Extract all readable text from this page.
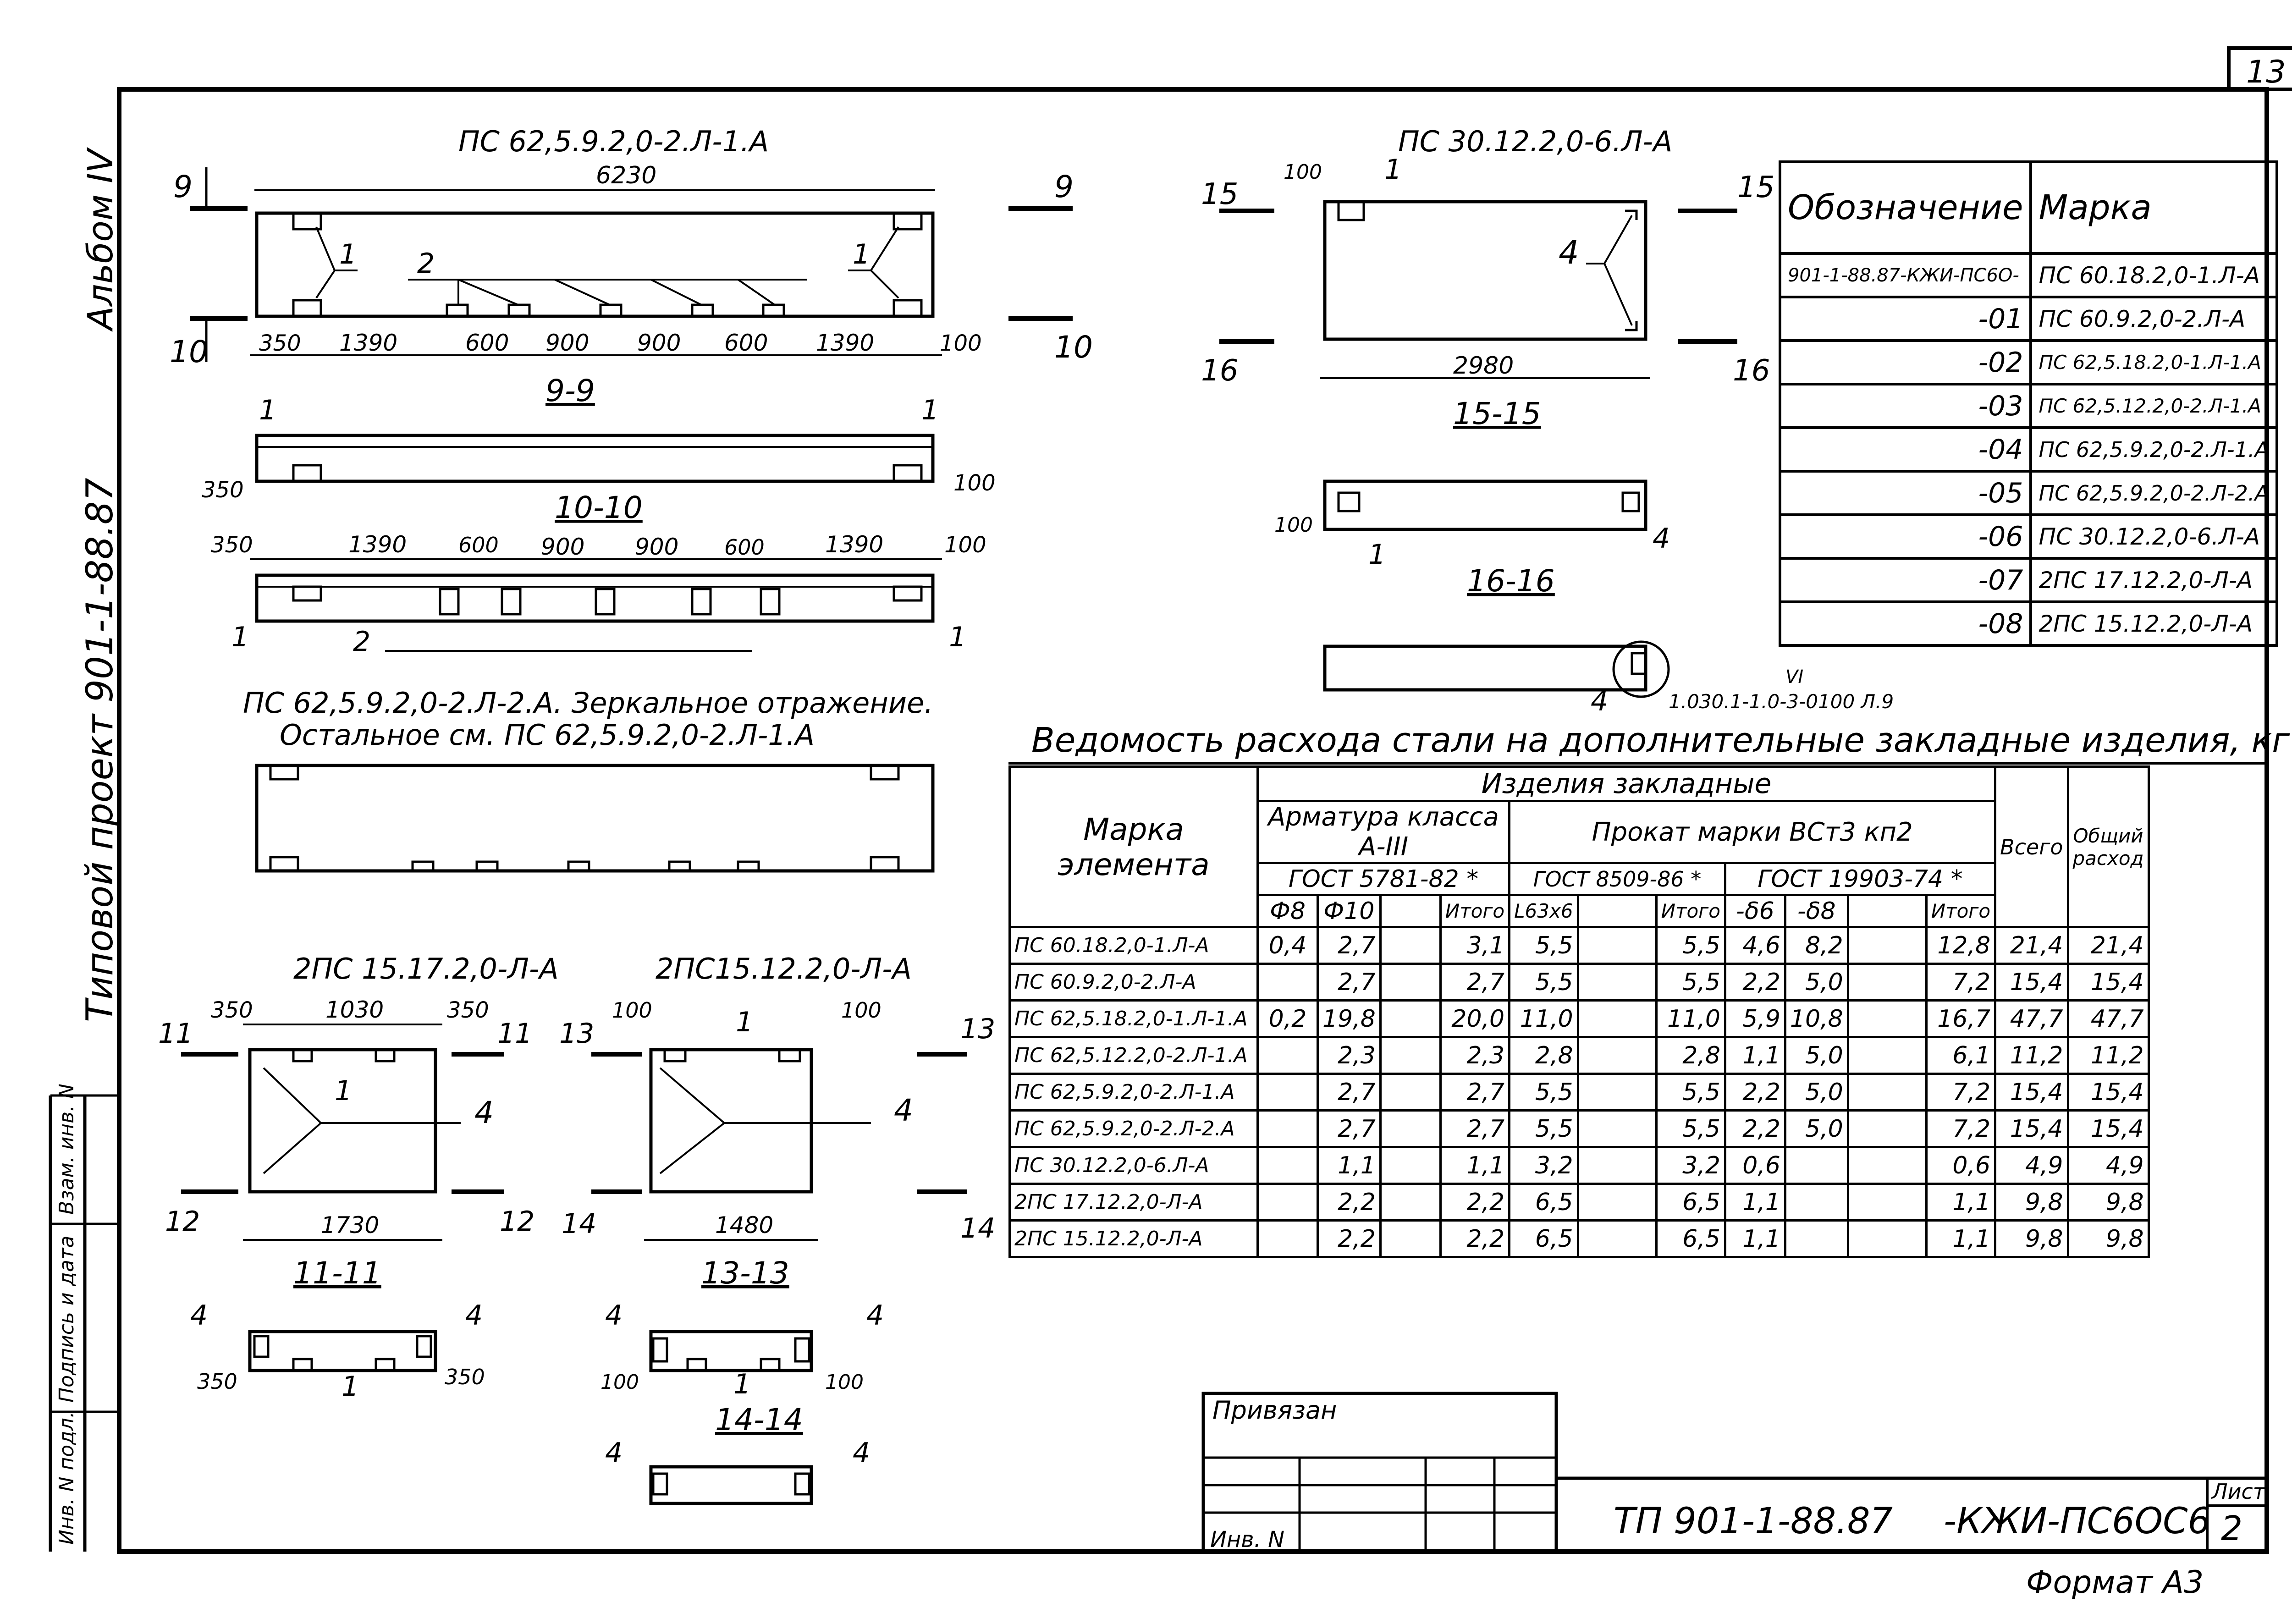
13
Инв. N подл.
Подпись и дата
Взам. инв. N
Альбом IV
Типовой проект 901-1-88.87
ПС 62,5.9.2,0-2.Л-1.А
6230
1	1
2
9
10
9
10
350 1390	600 900 900 600 1390	100
9-9
1	1
350	100
10-10
350	1390 600 900 900 600	1390	100
1	1
2
ПС 62,5.9.2,0-2.Л-2.А. Зеркальное отражение.
Остальное см. ПС 62,5.9.2,0-2.Л-1.А
ПС 30.12.2,0-6.Л-А
100 1
4
2980
15
16
15
16
15-15
100
1	4
16-16
4
VI
1.030.1-1.0-3-0100 Л.9
2ПС 15.17.2,0-Л-А
1
4
350	1030	350
1730
11
12
11
12
11-11
4	4
1
350	350
2ПС15.12.2,0-Л-А
1
4
100	100
1480
13
14
13
14
13-13
4	4
1
100	100
14-14
4	4
Ведомость расхода стали на дополнительные закладные изделия, кг
Привязан
Инв. N	ТП 901-1-88.87 -КЖИ-ПС6ОС6
Лист
2
Формат А3
Обозначение	Марка
901-1-88.87-КЖИ-ПС6О-	ПС 60.18.2,0-1.Л-А
-01	ПС 60.9.2,0-2.Л-А
-02	ПС 62,5.18.2,0-1.Л-1.А
-03	ПС 62,5.12.2,0-2.Л-1.А
-04	ПС 62,5.9.2,0-2.Л-1.А
-05	ПС 62,5.9.2,0-2.Л-2.А
-06	ПС 30.12.2,0-6.Л-А
-07	2ПС 17.12.2,0-Л-А
-08	2ПС 15.12.2,0-Л-А
Марка элемента	Изделия закладные											Всего	Общий расход
	Арматура класса А-III				Прокат марки ВСт3 кп2								
	ГОСТ 5781-82 *				ГОСТ 8509-86 *			ГОСТ 19903-74 *					
	Ф8	Ф10		Итого	L63x6		Итого	-δ6	-δ8		Итого		
ПС 60.18.2,0-1.Л-А	0,4	2,7		3,1	5,5		5,5	4,6	8,2		12,8	21,4	21,4
ПС 60.9.2,0-2.Л-А		2,7		2,7	5,5		5,5	2,2	5,0		7,2	15,4	15,4
ПС 62,5.18.2,0-1.Л-1.А	0,2	19,8		20,0	11,0		11,0	5,9	10,8		16,7	47,7	47,7
ПС 62,5.12.2,0-2.Л-1.А		2,3		2,3	2,8		2,8	1,1	5,0		6,1	11,2	11,2
ПС 62,5.9.2,0-2.Л-1.А		2,7		2,7	5,5		5,5	2,2	5,0		7,2	15,4	15,4
ПС 62,5.9.2,0-2.Л-2.А		2,7		2,7	5,5		5,5	2,2	5,0		7,2	15,4	15,4
ПС 30.12.2,0-6.Л-А		1,1		1,1	3,2		3,2	0,6			0,6	4,9	4,9
2ПС 17.12.2,0-Л-А		2,2		2,2	6,5		6,5	1,1			1,1	9,8	9,8
2ПС 15.12.2,0-Л-А		2,2		2,2	6,5		6,5	1,1			1,1	9,8	9,8
